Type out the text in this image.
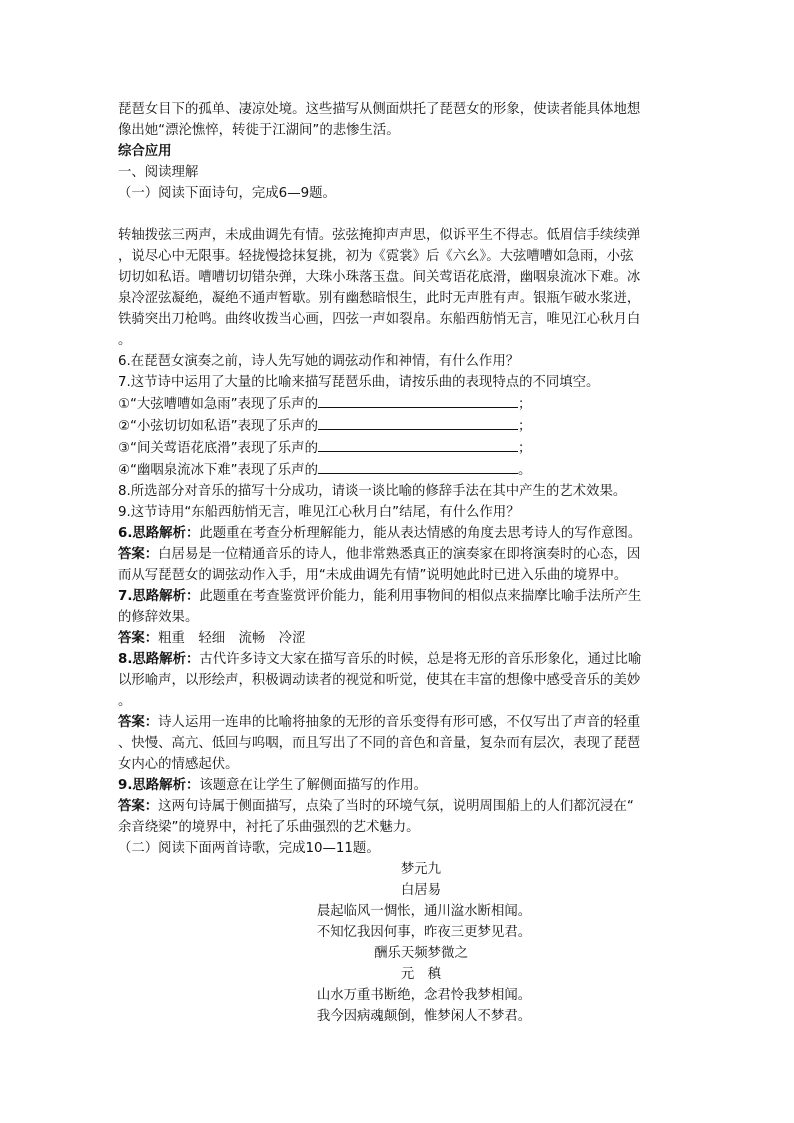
琵琶女目下的孤单、凄凉处境。这些描写从侧面烘托了琵琶女的形象，使读者能具体地想

像出她“漂沦憔悴，转徙于江湖间”的悲惨生活。

综合应用

一、阅读理解

（一）阅读下面诗句，完成6—9题。

转轴拨弦三两声，未成曲调先有情。弦弦掩抑声声思，似诉平生不得志。低眉信手续续弹

，说尽心中无限事。轻拢慢捻抹复挑，初为《霓裳》后《六幺》。大弦嘈嘈如急雨，小弦

切切如私语。嘈嘈切切错杂弹，大珠小珠落玉盘。间关莺语花底滑，幽咽泉流冰下难。冰

泉冷涩弦凝绝，凝绝不通声暂歇。别有幽愁暗恨生，此时无声胜有声。银瓶乍破水浆迸，

铁骑突出刀枪鸣。曲终收拨当心画，四弦一声如裂帛。东船西舫悄无言，唯见江心秋月白

。

6.在琵琶女演奏之前，诗人先写她的调弦动作和神情，有什么作用？

7.这节诗中运用了大量的比喻来描写琵琶乐曲，请按乐曲的表现特点的不同填空。

①“大弦嘈嘈如急雨”表现了乐声的	；

②“小弦切切如私语”表现了乐声的	；

③“间关莺语花底滑”表现了乐声的	；

④“幽咽泉流冰下难”表现了乐声的	。

8.所选部分对音乐的描写十分成功，请谈一谈比喻的修辞手法在其中产生的艺术效果。

9.这节诗用“东船西舫悄无言，唯见江心秋月白”结尾，有什么作用？

6.思路解析：此题重在考查分析理解能力，能从表达情感的角度去思考诗人的写作意图。

答案：白居易是一位精通音乐的诗人，他非常熟悉真正的演奏家在即将演奏时的心态，因

而从写琵琶女的调弦动作入手，用“未成曲调先有情”说明她此时已进入乐曲的境界中。

7.思路解析：此题重在考查鉴赏评价能力，能利用事物间的相似点来揣摩比喻手法所产生

的修辞效果。

答案：粗重　轻细　流畅　冷涩

8.思路解析：古代许多诗文大家在描写音乐的时候，总是将无形的音乐形象化，通过比喻

以形喻声，以形绘声，积极调动读者的视觉和听觉，使其在丰富的想像中感受音乐的美妙

。

答案：诗人运用一连串的比喻将抽象的无形的音乐变得有形可感，不仅写出了声音的轻重

、快慢、高亢、低回与呜咽，而且写出了不同的音色和音量，复杂而有层次，表现了琵琶

女内心的情感起伏。

9.思路解析：该题意在让学生了解侧面描写的作用。

答案：这两句诗属于侧面描写，点染了当时的环境气氛，说明周围船上的人们都沉浸在“

余音绕梁”的境界中，衬托了乐曲强烈的艺术魅力。

（二）阅读下面两首诗歌，完成10—11题。

梦元九

白居易

晨起临风一惆怅，通川湓水断相闻。

不知忆我因何事，昨夜三更梦见君。

酬乐天频梦微之

元　稹

山水万重书断绝，念君怜我梦相闻。

我今因病魂颠倒，惟梦闲人不梦君。
